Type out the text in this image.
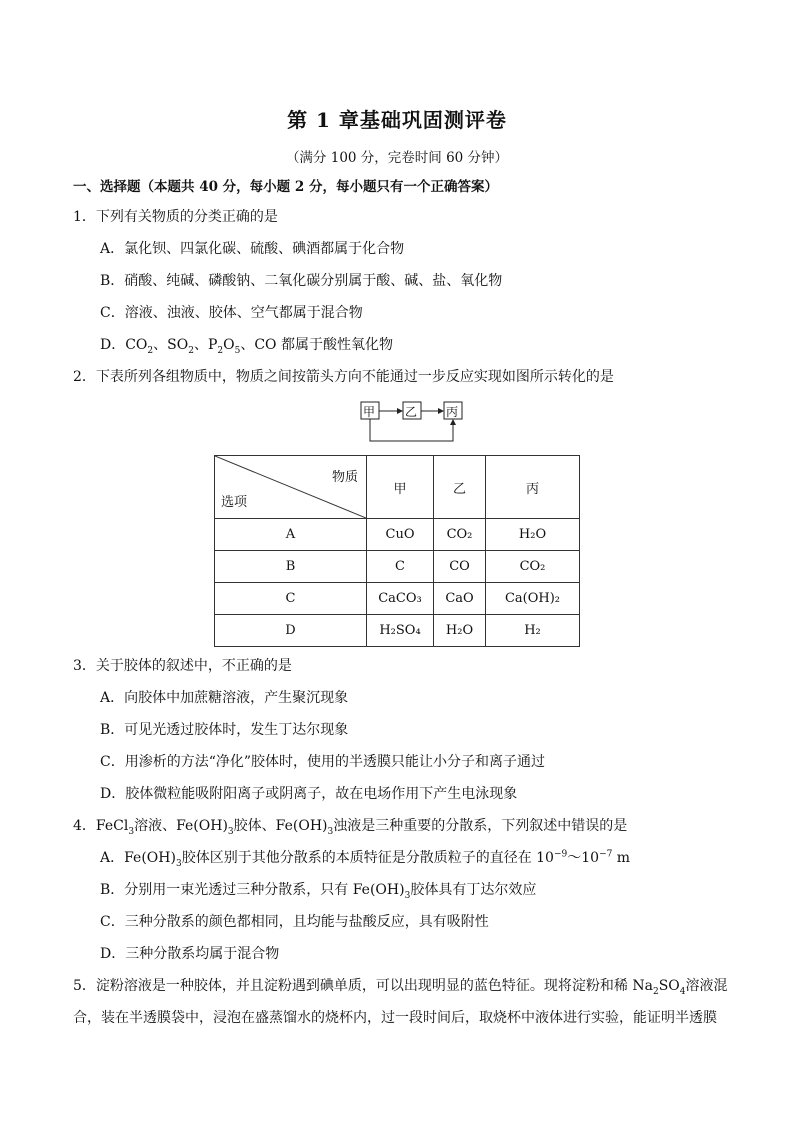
第 1 章基础巩固测评卷
（满分 100 分，完卷时间 60 分钟）
一、选择题（本题共 40 分，每小题 2 分，每小题只有一个正确答案）
1．下列有关物质的分类正确的是
A．氯化钡、四氯化碳、硫酸、碘酒都属于化合物
B．硝酸、纯碱、磷酸钠、二氧化碳分别属于酸、碱、盐、氧化物
C．溶液、浊液、胶体、空气都属于混合物
D．$CO_2$、$SO_2$、$P_2O_5$、CO 都属于酸性氧化物
2．下表所列各组物质中，物质之间按箭头方向不能通过一步反应实现如图所示转化的是
甲 乙 丙
物质
选项	甲	乙	丙
A	CuO	CO₂	H₂O
B	C	CO	CO₂
C	CaCO₃	CaO	Ca(OH)₂
D	H₂SO₄	H₂O	H₂
3．关于胶体的叙述中，不正确的是
A．向胶体中加蔗糖溶液，产生聚沉现象
B．可见光透过胶体时，发生丁达尔现象
C．用渗析的方法“净化”胶体时，使用的半透膜只能让小分子和离子通过
D．胶体微粒能吸附阳离子或阴离子，故在电场作用下产生电泳现象
4．FeCl$_3$溶液、$Fe(OH)_3$胶体、$Fe(OH)_3$浊液是三种重要的分散系，下列叙述中错误的是
A．$Fe(OH)_3$胶体区别于其他分散系的本质特征是分散质粒子的直径在 $10^{-9}\sim 10^{-7}$ m
B．分别用一束光透过三种分散系，只有 $Fe(OH)_3$胶体具有丁达尔效应
C．三种分散系的颜色都相同，且均能与盐酸反应，具有吸附性
D．三种分散系均属于混合物
5．淀粉溶液是一种胶体，并且淀粉遇到碘单质，可以出现明显的蓝色特征。现将淀粉和稀 $Na_2SO_4$溶液混
合，装在半透膜袋中，浸泡在盛蒸馏水的烧杯内，过一段时间后，取烧杯中液体进行实验，能证明半透膜
